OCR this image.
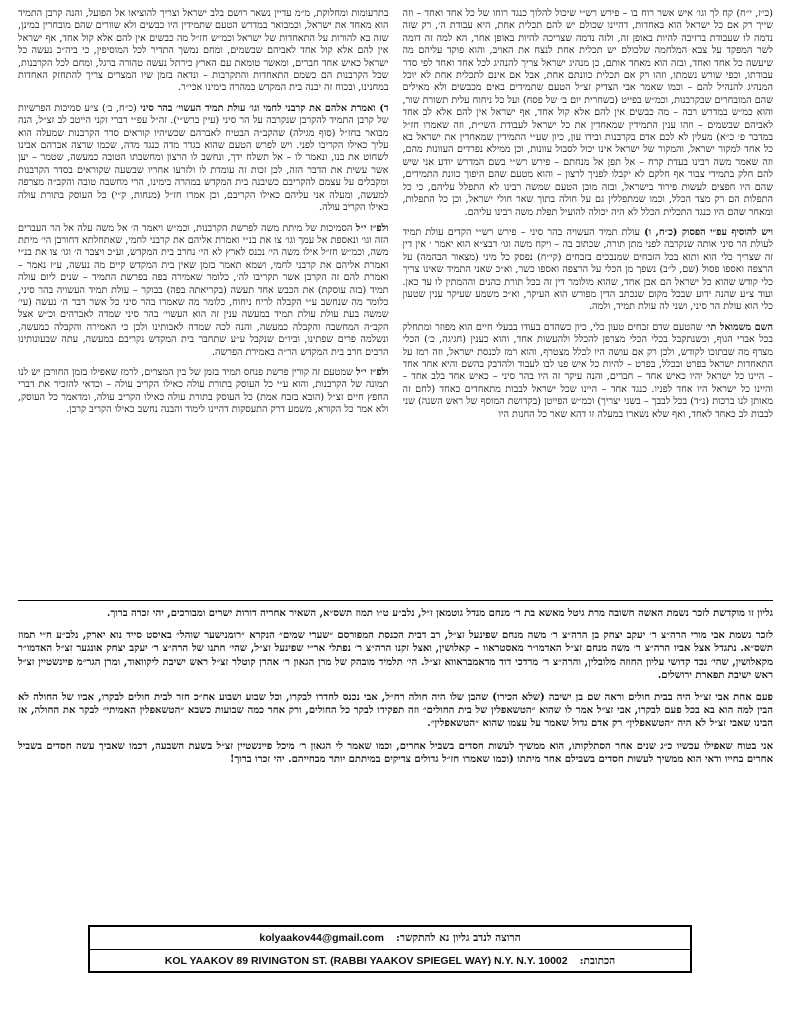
(כ״ז, י״ח) קח לך וגו׳ איש אשר רוח בו – פירש רש״י שיכול להלוך כנגד רוחו של כל אחד ואחד – וזה שייך רק אם כל ישראל הוא באחדות, דהיינו שכולם יש להם תכלית אחת, היא עבודת ה׳, רק שזה נדמה לו שעבודת ברזיבה להיות באופן זה, ולזה נדמה שצריכה להיות באופן אחר, הא למה זה דומה לשר המפקד על צבא המלחמה שלכולם יש תכלית אחת לנצח את האויב, והוא פוקד עליהם מה שיעשה כל אחד ואחד, ובזה הוא מאחד אותם, כן מנהיג ישראל צריך להנהיג לכל אחד ואחד לפי סדר עבודתו, וכפי שורש נשמתו, וזהו רק אם תכלית כוונתם אחת, אבל אם אינם לתכלית אחת לא יוכל המנהיג להנהיל להם – וכמו שאמר אבי הצדיק זצ״ל הטעם שתמידים באים מכבשים ולא מאילים שהם המובחרים שבקרבנות, וכמ״ש בפייט (בשחרית יום ב׳ של פסח) ועל כל ניחוח עלית תשורת שור, והוא כמ״ש במדרש רבה – מה כבשים אין להם אלא קול אחד, אף ישראל אין להם אלא לב אחד לאביהם שבשמים – וזהו ענין התמידין שמאחדין את כל ישראל לעבודת השי״ת, וזה שאמרו חז״ל במדבר פ׳ כ״א) מעלין לא לכם אדם בקרבנות ובידו עון, כיון שע״י התמידין שמאחדין את ישראל בא כל אחד למקור ישראל, והמקור של ישראל אינו יכול לסבול עוונות, וכן ממילא נפרדים העוונות מהם, וזה שאמר משה רבינו בעדת קרח – אל תפן אל מנחתם – פירש רש״י בשם המדרש יודע אני שיש להם חלק בתמידי צבור אף חלקם לא יקבלו לפניך לרצון – והוא מטעם שהם היפוך כוונת התמידים, שהם היו חפצים לעשות פירוד בישראל, ובזה מובן הטעם שמשה רבינו לא התפלל עליהם, כי כל התפלות הם רק מצד הכלל, וכמו שמתפללין גם על חולה בתוך שאר חולי ישראל, וכן כל התפלות, ומאחר שהם היו כנגד התכלית הכלל לא היה יכולה להועיל תפלת משה רבינו עליהם.

ויש להוסיף עפ״י הפסוק (כ״ח, ו) עולת תמיד העשויה בהר סיני – פירש רש״י הקדים עולת תמיד לעולת הר סיני אותה שנקרבה לפני מתן תורה, שכתוב בה – ויקח משה וגו׳ דבצ״א הוא יאמר ׳ אין דין זה שצריך כלי הוא ותוא בכל הזבחים שמנבכים בזבחים (קי״ח) נפסק כל מיני (מצאור הבהמה) על הרצפה ואספו פסול (שם, ל״ב) נשפך מן הכלי על הרצפה ואספו כשר, וא״כ שאני התמיד שאינו צריך כלי קודש שהוא כל ישראל הם אבן אחד, שהוא מולומר דין זה בכל תורת כהנים וההמתין לו עד כאן. ועוד צ״ע שהנה ידוע שבכל מקום שנכתב הדין מפורש הוא העיקר, וא״כ משמע שעיקר ענין שטעון כלי הוא עולת הר סיני, ושני לה עולת תמיד, ולמה.

השם משמואל תי׳ שהטעם שדם זבחים טעון כלי, כיון כשהדם בעודו בבעלי חיים הוא מפוזר ומתחלק בכל אברי הגוף, וכשנתקבל בכלי הכלי מצרפן להכלל ולהעשות אחד, והוא כענין (חגיגה, כ׳) הכלי מצרף מה שבתוכו לקודש, ולכן רק אם עושה היו לכלל מצטרף, והוא רמז לכנסת ישראל, וזה רמז על התאחדות ישראל בפרט ובכלל, בפרט – להיות כל איש פנו לבו לעבוד ולהדבק בהשם והיא אחד אחד – היינו כל ישראל יהיו כאיש אחד – חברים, והנה עיקר זה היו בהר סיני – כאיש אחד בלב אחד – והיינו כל ישראל היו אחד לפניו. כנגד אחד – היינו שכל ישראל לבבות מתאחדים כאחד (לחם זה מאותן לנו ברכות (נ״ד) בכל לבבך – בשני יצריך) וכמ״ש הפייטן (בקדושת המוסף של ראש השנה) שני לבבות לב כאחד לאחד, ואף שלא נשארו במעלה זו דהא שאר כל החנות היו

בתרעומות ומחלוקת, מ״מ עדיין נשאר רושם בלב ישראל וצריך להוציאו אל הפועל, והנה קרבן התמיד הוא מאחד את ישראל, וכמבואר במדרש הטעם שתמידין היו כבשים ולא שוורים שהם מובחרין במינן, שזה בא להורות על התאחדות של ישראל וכמ״ש חז״ל מה כבשים אין להם אלא קול אחד, אף ישראל אין להם אלא קול אחד לאביהם שבשמים, ומחם נמשך התדיר לכל המוסיפין, כי ביה״כ נעשה כל ישראל כאיש אחד חברים, ומאשר טומאת עם הארץ כירתל נעשה טהורה ברגל, ומחם לכל הקרבנות, שכל הקרבנות הם כשמם התאחדות והתקרבות – ונדאה בזמן שיו המצרים צריך להתחזק האחדות במחנינו, ובכוח זה יבנה בית המקדש במהרה בימינו אכי״ר.

ד) ואמרת אלהם את קרבני לחמי וגו׳ עולת תמיד העשוי׳ בהר סיני (כ״ח, ב׳) צ״ע סמיכות הפרשיות של קרבן התמיד להקרבן שנקרבה על הר סיני (עיין ברש״י). זה״ל עפ״י דברי זקני הייטב לב זצ״ל, הנה מבואר בחז״ל (סוף מגילה) שהקב״ה הבטיח לאברהם שכשיהיו קוראים סדר הקרבנות שמעלה הוא עליך כאילו הקריבו לפני. ויש לפרש הטעם שהוא בגדר מדה כנגד מדה, שכמו שרצה אברהם אבינו לשחוט את בנו, ונאמר לו – אל תשלח ידך, ונחשב לו הרצון ומחשבתו הטובה כמעשה, שטמר – יען אשר עשית את הדבר הזה, לכן זכות זה עומדת לו ולזרעו אחריו שבשעה שקוראים בסדר הקרבנות ומקבלים על עצמם להקריבם כשיבנה בית המקדש במהרה בימינו, הרי מחשבה טובה והקב״ה מצרפה למעשה, ומעלה אני עליהם כאילו הקריבם, וכן אמרו חז״ל (מנחות, ק״י) כל העוסק בתורת עולה כאילו הקריב עולה.

ולפ״ז י״ל הסמיכות של מיתת משה לפרשת הקרבנות, וכמ״ש ויאמר ה׳ אל משה עלה אל הר העברים הזה וגו׳ ונאספת אל עמך וגו׳ צו את בנ״י ואמרת אליהם את קרבני לחמי, שאתחלתא דחורבן הי׳ מיתת משה, וכמ״ש חז״ל אילו משה הי׳ נכנס לארץ לא הי׳ נחרב בית המקדש, וע״כ ויצבר ה׳ וגו׳ צו את בנ״י ואמרת אליהם את קרבני לחמי, ושמא תאמר בזמן שאין בית המקדש קיים מה נעשה, ע״ז נאמר – ואמרת להם זה הקרבן אשר תקריבו לה׳, כלומר שאמירה בפה בפרשת התמיד – שנים ליום עולה תמיד (בזה עוסקת) את הכבש אחד תעשה (בקריאתה בפה) בבוקר – עולת תמיד העשויה בהר סיני, כלומר מה שנחשב ע״י הקבלה לריח ניחוח, כלומר מה שאמרו בהר סיני כל אשר דבר ה׳ נעשה (עי׳ שמשה בעת עולת עולת תמיד במעשה ענין זה הוא העשוי׳ בהר סיני שמדה לאברהים וכ״ש אצל הקב״ה המחשבה והקבלה כמעשה, והנה לכה שמדה לאבותינו ולכן כי האמירה והקבלה כמעשה, ונשלמה פרים שפתינו, וביו״ם שנקבל ע״ע שתחבר בית המקדש נקריבם במעשה, עתה שבעונותינו הרבים חרב בית המקדש הר״ה באמירת הפרשה.

ולפ״ז י״ל שמטעם זה קורין פרשת פנחס תמיד בזמן של בין המצרים, לרמז שאפילו בזמן החורבן יש לנו תמונה של הקרבנות, והוא ע״י כל העוסק בתורת עולה כאילו הקריב עולה – וכדאי להזכיר את דברי החפץ חיים זצ״ל (הובא בזבח אמת) כל העוסק בתורת עולה כאילו הקריב עולה, ומדאמר כל העוסק, ולא אמר כל הקורא, משמע דרק התעסקות דהיינו לימוד והבנה נחשב כאילו הקריב קרבן.

גליון זו מוקדשת לזכר נשמת האשה חשובה מרת גיטל מאשא בת ר׳ מנחם מנדל גוטמאן ז״ל, נלב״ע ט״ו תמוז תשס״א, השאיר אחריה דורות ישרים ומבורכים, יהי זכרה ברוך.

לזכר נשמת אבי מורי הרה״צ ר׳ יעקב יצחק בן הרה״צ ר׳ משה מנחם שפינעל זצ״ל, רב דבית הכנסת המפורסם ״שערי שמים״ הנקרא ״רומנישער שוהל״ באיסט סייד נוא יארק, נלב״ע ח״י תמוז תשס״א. נתגדל אצל אביו הרה״צ ר׳ משה מנחם זצ״ל האדמו״ר מאסטראוו – קאלושין, ואצל זקנו הרה״צ ר׳ נפתלי אר״י שפינעל זצ״ל, שהי׳ חתנו של הרה״צ ר׳ יעקב יצחק אונגער זצ״ל האדמו״ר מקאלושין, שהי׳ נכד קדושי עליון החוזה מלובלין, והרה״צ ר׳ מרדכי דוד מדאמבראווא זצ״ל. הי׳ תלמיד מובהק של מרן הגאון ר׳ אהרן קוטלר זצ״ל ראש ישיבת ליקוואוד, ומרן הגר״מ פיינשטיין זצ״ל ראש ישיבת תפארת ירושלים.

פעם אחת אבי זצ״ל היה בבית חולים וראה שם בן ישיבה (שלא הכירו) שהבן שלו היה חולה רח״ל, אבי נכנס לחדרו לבקרו, וכל שבוע ושבוע אח״כ חזר לבית חולים לבקרו, אביו של החולה לא הבין למה הוא בא בכל פעם לבקרו, אבי זצ״ל אמר לו שהוא ״הטשאפלין של בית החולים״ וזה תפקידו לבקר כל החולים, ורק אחר כמה שבועות כשבא ״הטשאפלין האמיתי״ לבקר את החולה, אז הבינו שאבי זצ״ל לא היה ״הטשאפלין״ רק אדם גדול שאמר על עצמו שהוא ״הטשאפלין״.

אני בטוח שאפילו עכשיו כ״ג שנים אחר הסתלקותו, הוא ממשיך לעשות חסדים בשביל אחרים, וכמו שאמר לי הגאון ר׳ מיכל פיינשטיין זצ״ל בשעת השבעה, דכמו שאביך עשה חסדים בשביל אחרים בחייו ודאי הוא ממשיך לעשות חסדים בשבילם אחר מיתתו (וכמו שאמרו חז״ל גדולים צדיקים במיתתם יותר מבחייהם. יהי זכרו ברוך!

הרוצה לנדב גליון נא להתקשר:
kolyaakov44@gmail.com
הכתובת:
KOL YAAKOV 89 RIVINGTON ST. (RABBI YAAKOV SPIEGEL WAY) N.Y. N.Y. 10002
